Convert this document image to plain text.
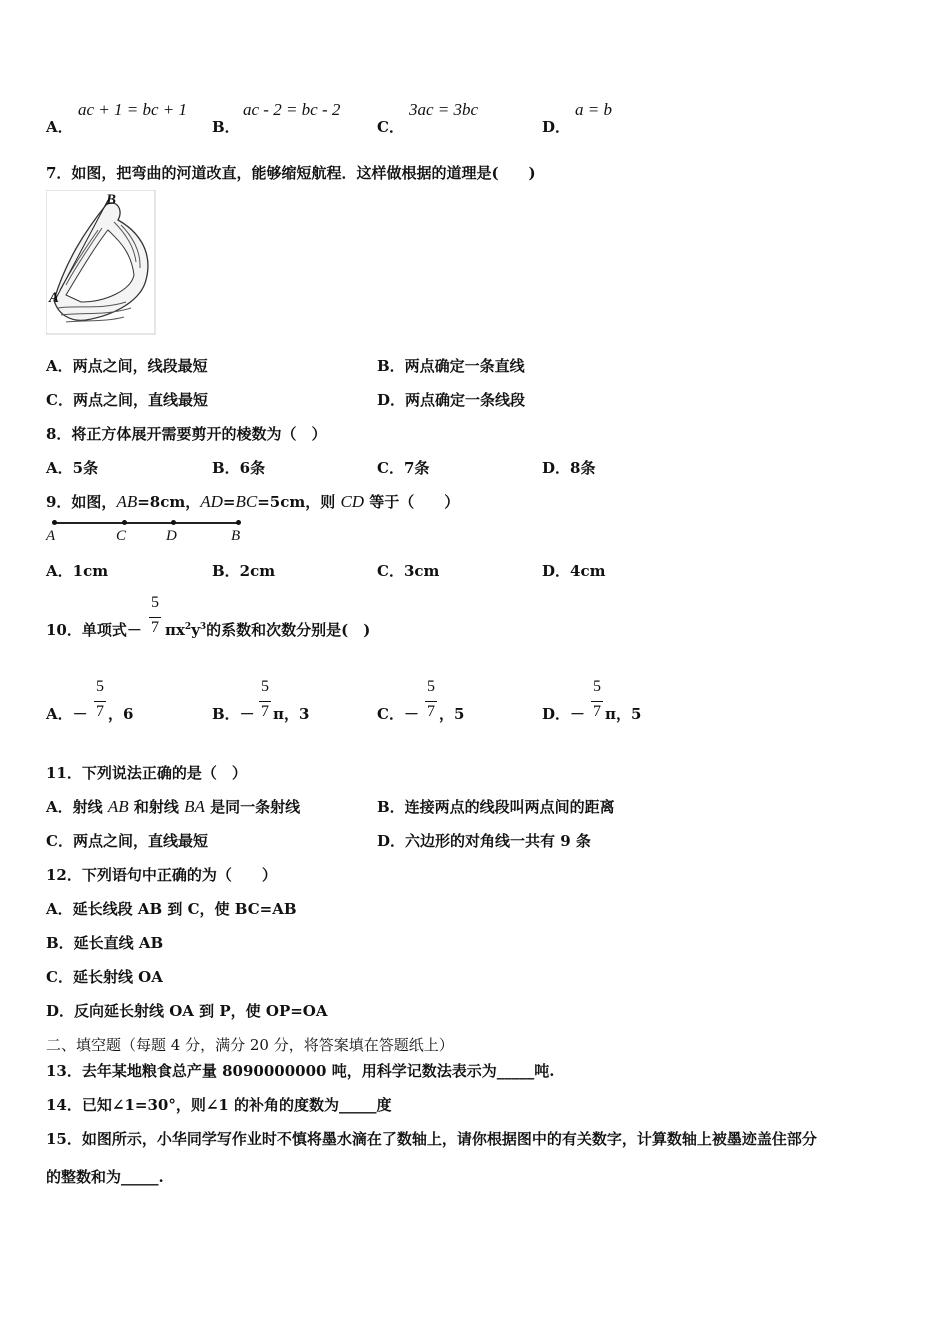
A．
ac + 1 = bc + 1
B．
ac - 2 = bc - 2
C．
3ac = 3bc
D．
a = b
7．如图，把弯曲的河道改直，能够缩短航程．这样做根据的道理是(　　)
B
A
A．两点之间，线段最短	B．两点确定一条直线
C．两点之间，直线最短	D．两点确定一条线段
8．将正方体展开需要剪开的棱数为（　）
A．5条	B．6条	C．7条	D．8条
9．如图，AB=8cm，AD=BC=5cm，则 CD 等于（　　）
A	C	D	B
A．1cm	B．2cm	C．3cm	D．4cm
10．单项式－
5
7 $\pi x^2y^3$的系数和次数分别是(　)
A．－
5
7 ，6	B．－
5
7 π，3	C．－
5
7 ，5	D．－
5
7 π，5
11．下列说法正确的是（　）
A．射线 AB 和射线 BA 是同一条射线	B．连接两点的线段叫两点间的距离
C．两点之间，直线最短	D．六边形的对角线一共有 9 条
12．下列语句中正确的为（　　）
A．延长线段 AB 到 C，使 BC=AB
B．延长直线 AB
C．延长射线 OA
D．反向延长射线 OA 到 P，使 OP=OA
二、填空题（每题 4 分，满分 20 分，将答案填在答题纸上）
13．去年某地粮食总产量 8090000000 吨，用科学记数法表示为_____吨.
14．已知∠1=30°，则∠1 的补角的度数为_____度
15．如图所示，小华同学写作业时不慎将墨水滴在了数轴上，请你根据图中的有关数字，计算数轴上被墨迹盖住部分
的整数和为_____.
